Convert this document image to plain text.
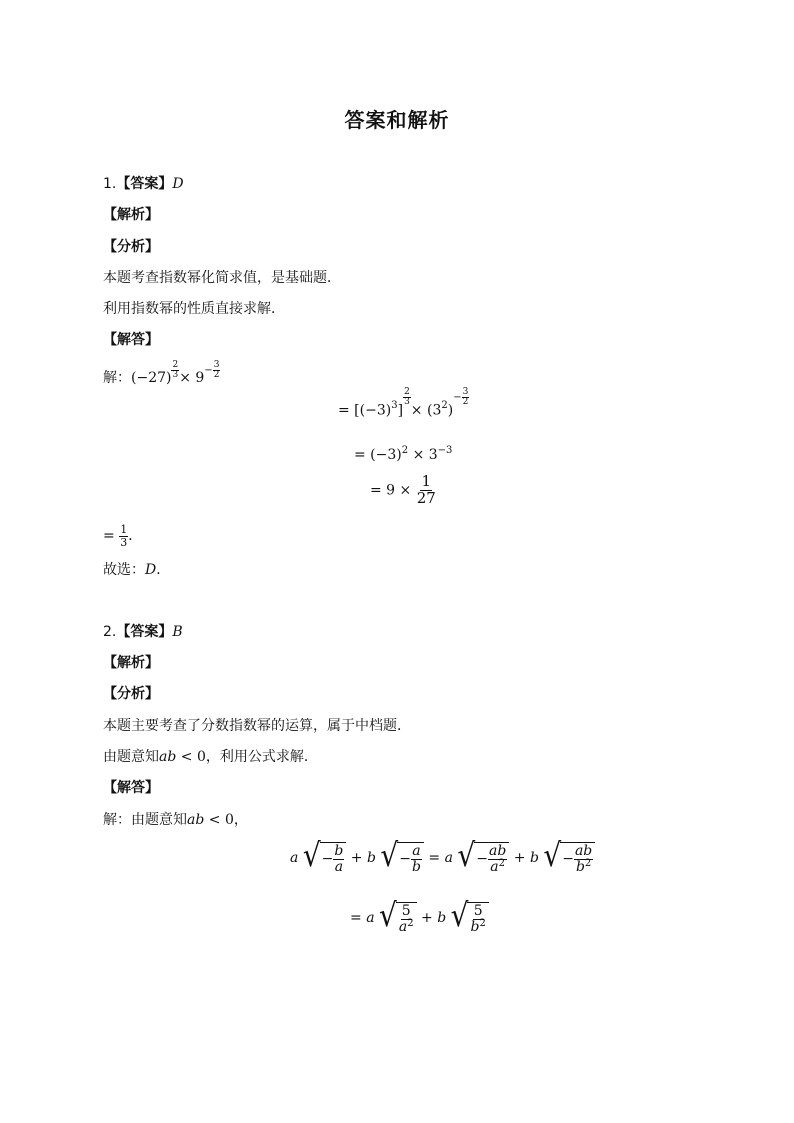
答案和解析
1.【答案】D
【解析】
【分析】
本题考查指数幂化简求值，是基础题．
利用指数幂的性质直接求解．
【解答】
解：(−27) $^{\frac{2}{3}} \times 9^{- \frac{3}{2}}$
= $[(-3)^3]$
$^{\frac{2}{3}}$
× $(3^2)^{- \frac{3}{2}}$
= $(-3)^2 \times 3^{-3}$
= $9 \times \frac{1}{27}$
= $\frac{1}{3}$ ．
故选：D．
2.【答案】B
【解析】
【分析】
本题主要考查了分数指数幂的运算，属于中档题．
由题意知ab < 0，利用公式求解．
【解答】
解：由题意知ab < 0，
a √ − $\frac{b}{a} + b$ √ − $\frac{a}{b} = a$ √ − $\frac{ab}{a^2} + b$ √ − $\frac{ab}{b^2}$
= a √ $\frac{5}{a^2} + b$ √ $\frac{5}{b^2}$
